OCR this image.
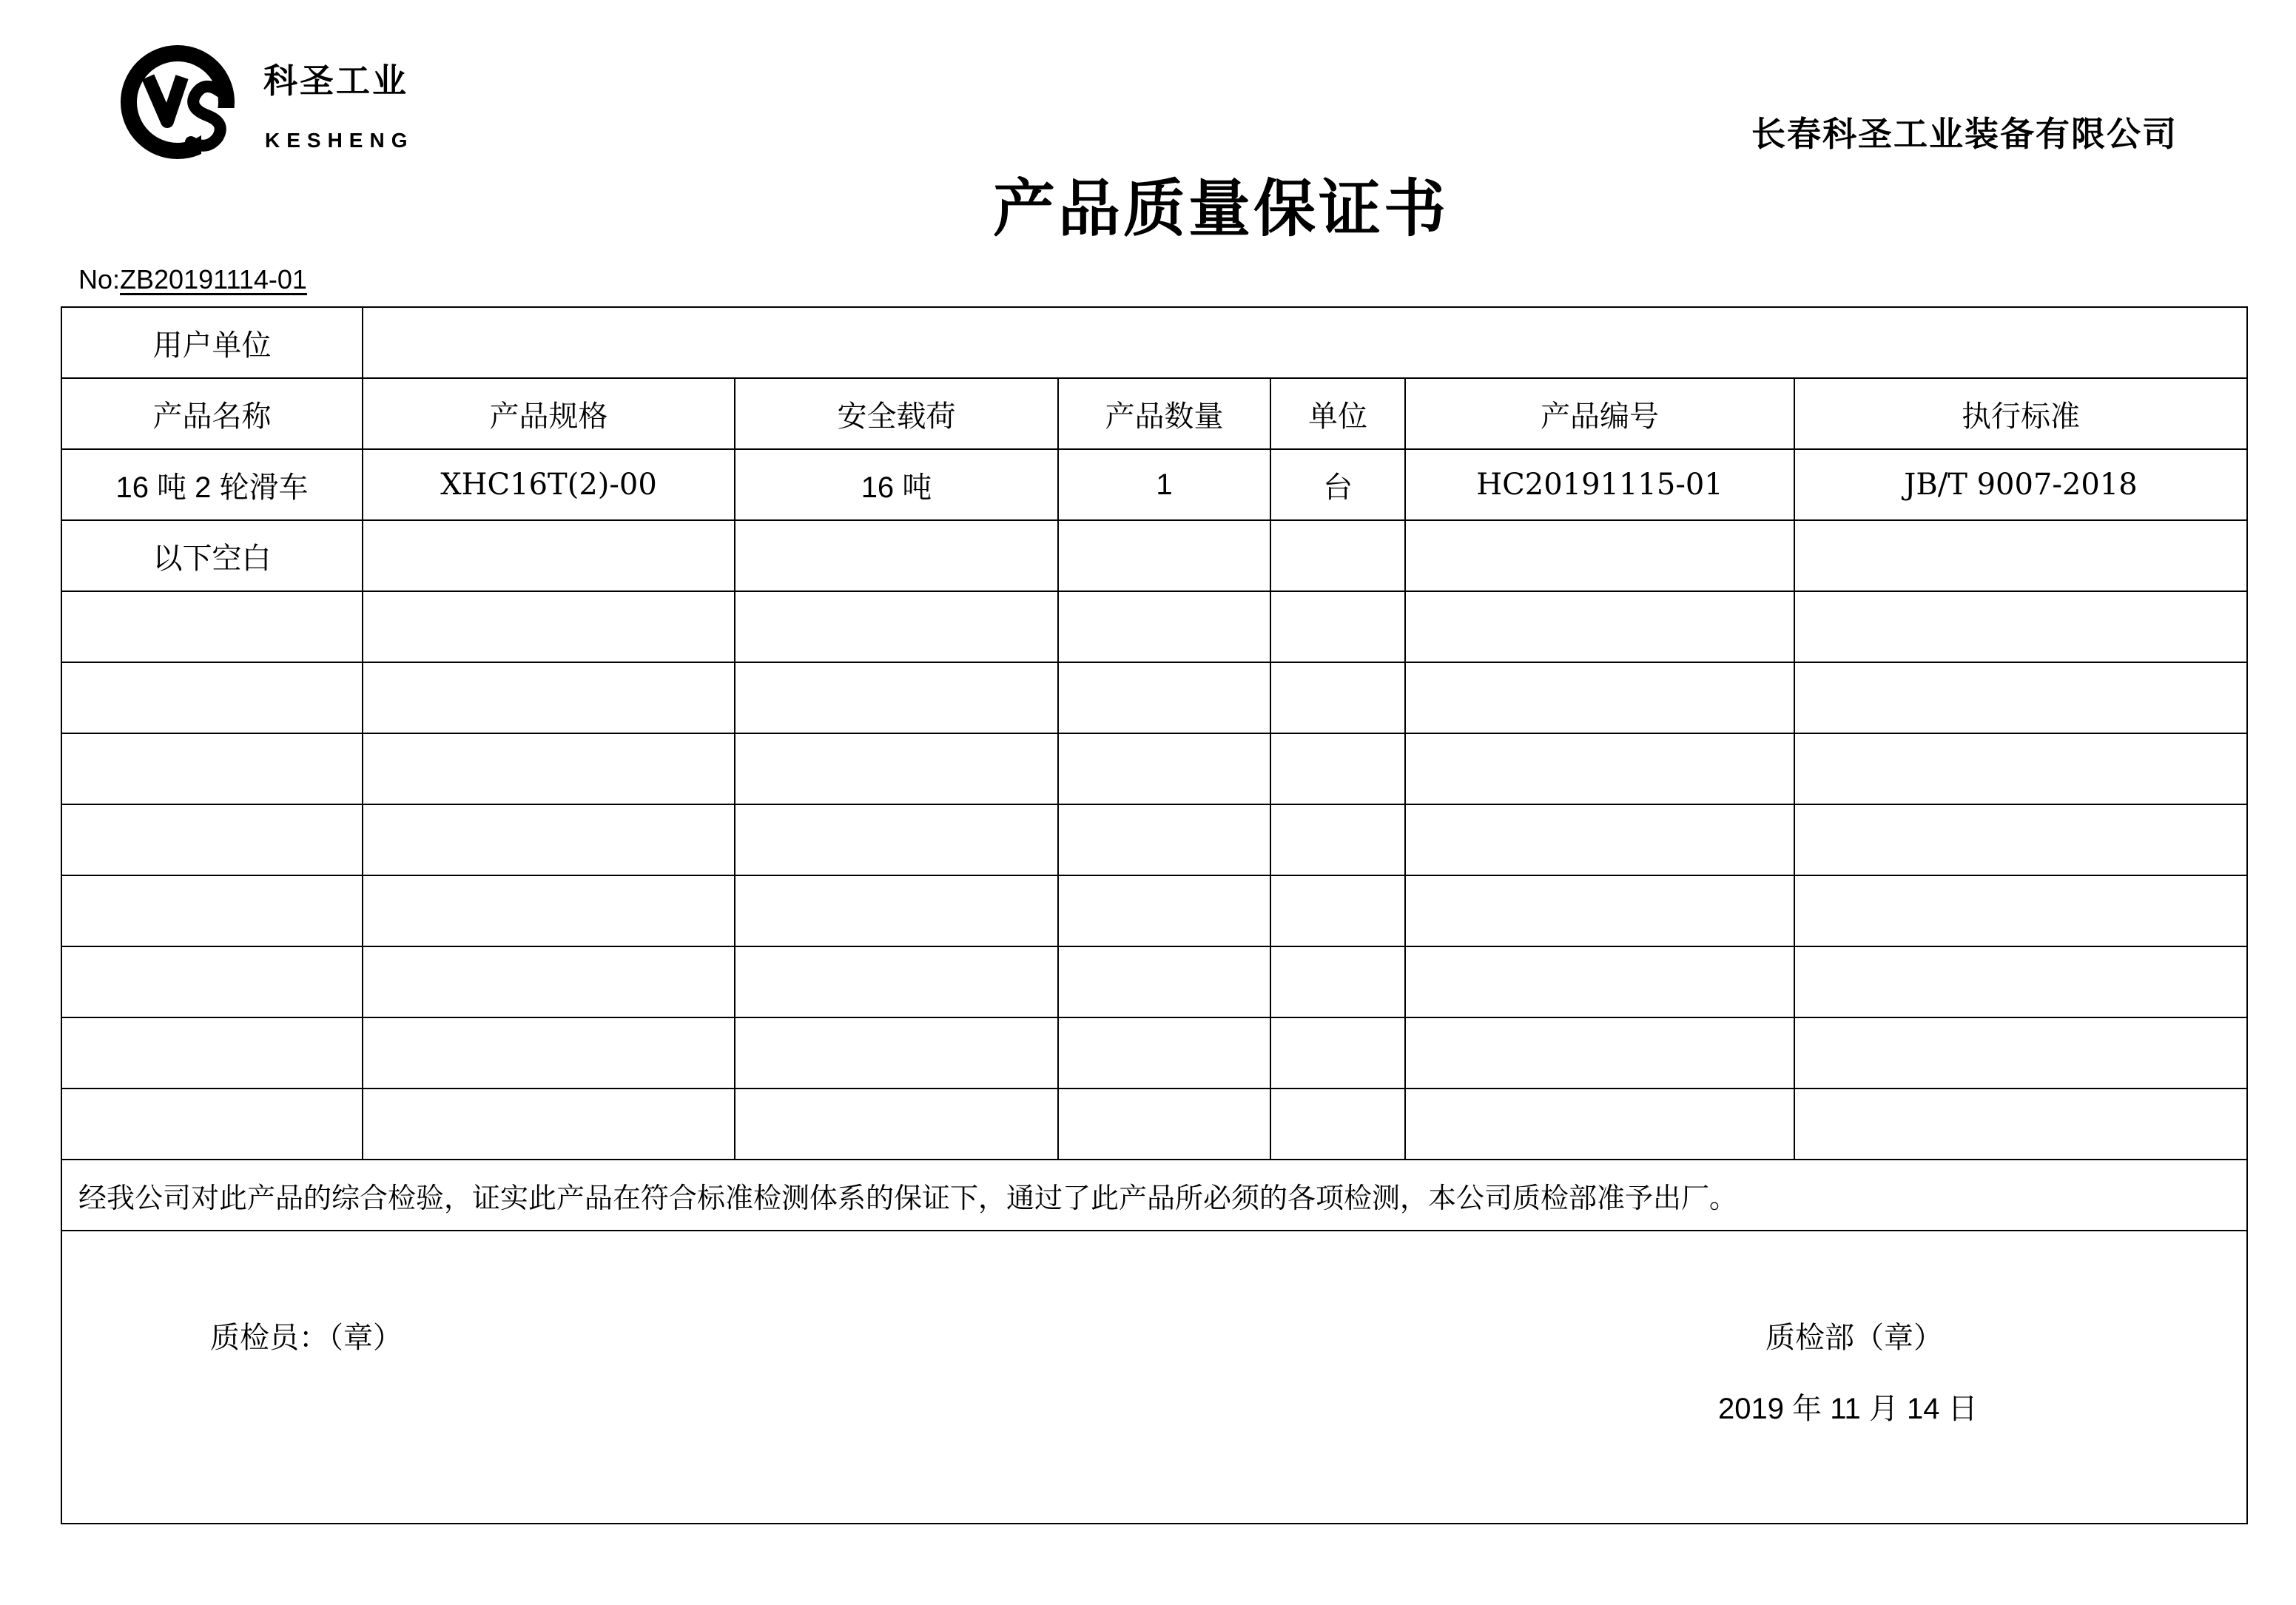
科圣工业
KESHENG	长春科圣工业装备有限公司
产品质量保证书
No:ZB20191114-01
用户单位						
产品名称	产品规格	安全载荷	产品数量	单位	产品编号	执行标准
16 吨 2 轮滑车	XHC16T(2)-00	16 吨	1	台	HC20191115-01	JB/T 9007-2018
以下空白						

经我公司对此产品的综合检验，证实此产品在符合标准检测体系的保证下，通过了此产品所必须的各项检测，本公司质检部准予出厂。						

质检员：（章） 质检部（章）
2019 年 11 月 14 日						
